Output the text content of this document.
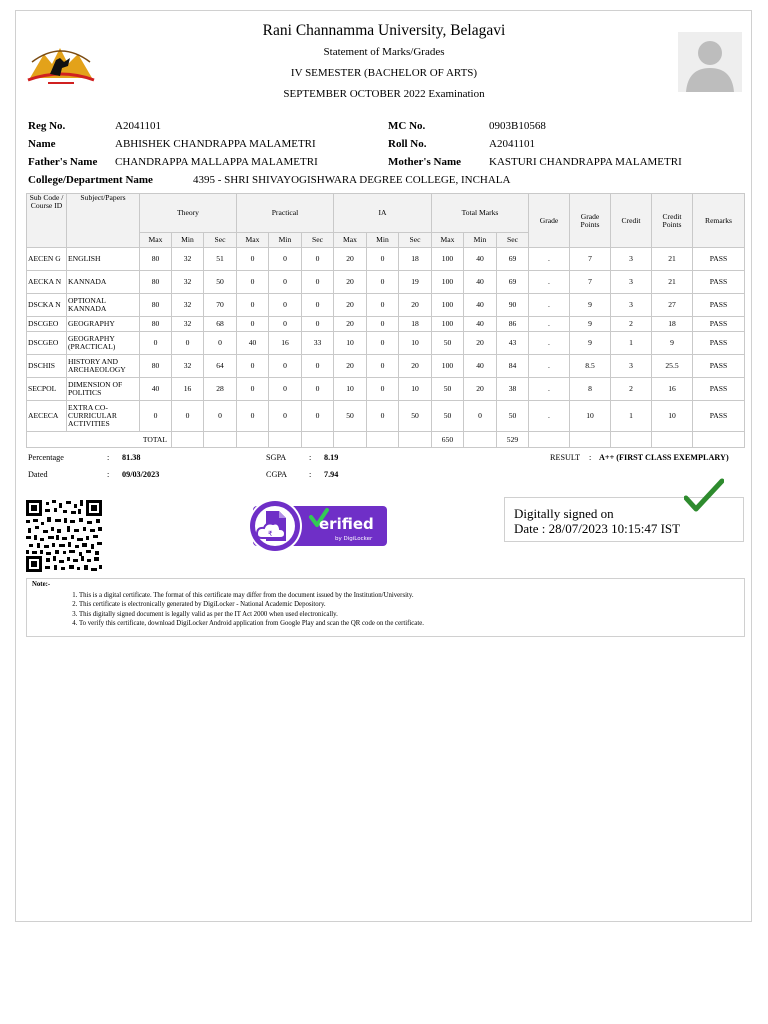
Rani Channamma University, Belagavi
Statement of Marks/Grades
IV SEMESTER (BACHELOR OF ARTS)
SEPTEMBER OCTOBER 2022 Examination
Reg No.	A2041101	MC No.	0903B10568
Name	ABHISHEK CHANDRAPPA MALAMETRI	Roll No.	A2041101
Father's Name CHANDRAPPA MALLAPPA MALAMETRI	Mother's Name	KASTURI CHANDRAPPA MALAMETRI
College/Department Name	4395 - SHRI SHIVAYOGISHWARA DEGREE COLLEGE, INCHALA
Sub Code / Course ID	Subject/Papers	Theory			Practical			IA			Total Marks			Grade	Grade Points	Credit	Credit Points	Remarks
		Max	Min	Sec	Max	Min	Sec	Max	Min	Sec	Max	Min	Sec					
AECEN G	ENGLISH	80	32	51	0	0	0	20	0	18	100	40	69	.	7	3	21	PASS
AECKA N	KANNADA	80	32	50	0	0	0	20	0	19	100	40	69	.	7	3	21	PASS
DSCKA N	OPTIONAL KANNADA	80	32	70	0	0	0	20	0	20	100	40	90	.	9	3	27	PASS
DSCGEO	GEOGRAPHY	80	32	68	0	0	0	20	0	18	100	40	86	.	9	2	18	PASS
DSCGEO	GEOGRAPHY (PRACTICAL)	0	0	0	40	16	33	10	0	10	50	20	43	.	9	1	9	PASS
DSCHIS	HISTORY AND ARCHAEOLOGY	80	32	64	0	0	0	20	0	20	100	40	84	.	8.5	3	25.5	PASS
SECPOL	DIMENSION OF POLITICS	40	16	28	0	0	0	10	0	10	50	20	38	.	8	2	16	PASS
AECECA	EXTRA CO-CURRICULAR ACTIVITIES	0	0	0	0	0	0	50	0	50	50	0	50	.	10	1	10	PASS
TOTAL											650		529					
Percentage	: 81.38	SGPA	: 8.19	RESULT : A++ (FIRST CLASS EXEMPLARY)
Dated	: 09/03/2023	CGPA	: 7.94
₹
erified
by DigiLocker
Digitally signed on
Date : 28/07/2023 10:15:47 IST
Note:-
1. This is a digital certificate. The format of this certificate may differ from the document issued by the Institution/University.
2. This certificate is electronically generated by DigiLocker - National Academic Depository.
3. This digitally signed document is legally valid as per the IT Act 2000 when used electronically.
4. To verify this certificate, download DigiLocker Android application from Google Play and scan the QR code on the certificate.
